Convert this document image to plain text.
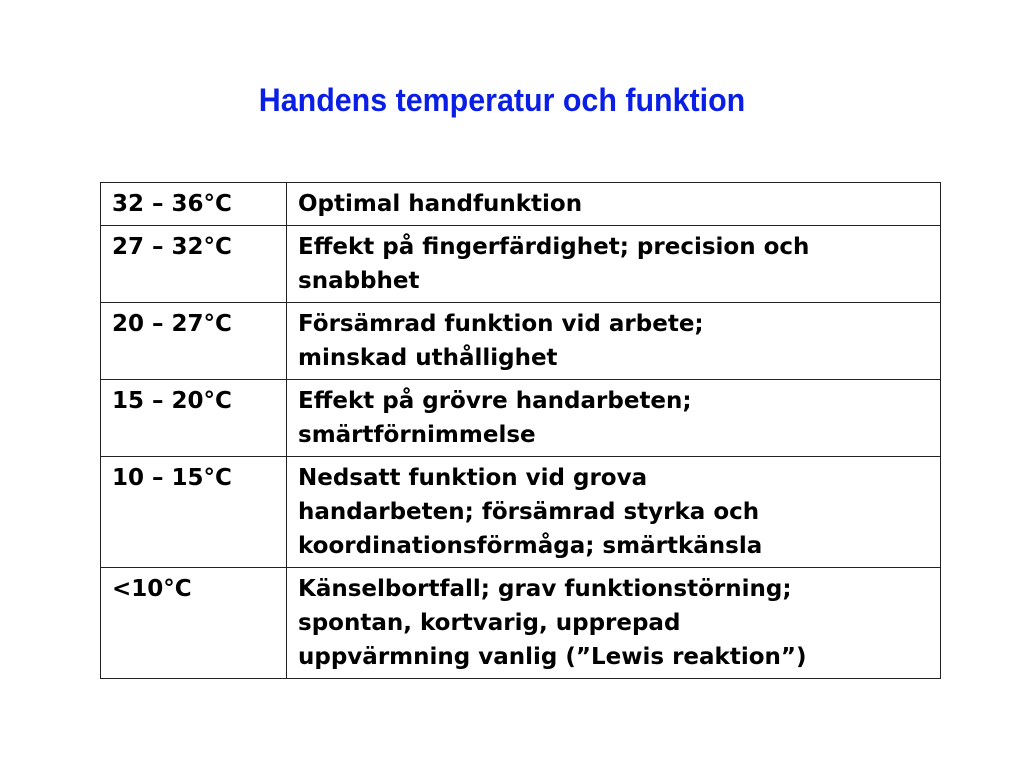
Handens temperatur och funktion
32 – 36°C	Optimal handfunktion

27 – 32°C	Effekt på fingerfärdighet; precision och
snabbhet

20 – 27°C	Försämrad funktion vid arbete;
minskad uthållighet

15 – 20°C	Effekt på grövre handarbeten;
smärtförnimmelse

10 – 15°C	Nedsatt funktion vid grova
handarbeten; försämrad styrka och
koordinationsförmåga; smärtkänsla

<10°C	Känselbortfall; grav funktionstörning;
spontan, kortvarig, upprepad
uppvärmning vanlig (”Lewis reaktion”)
